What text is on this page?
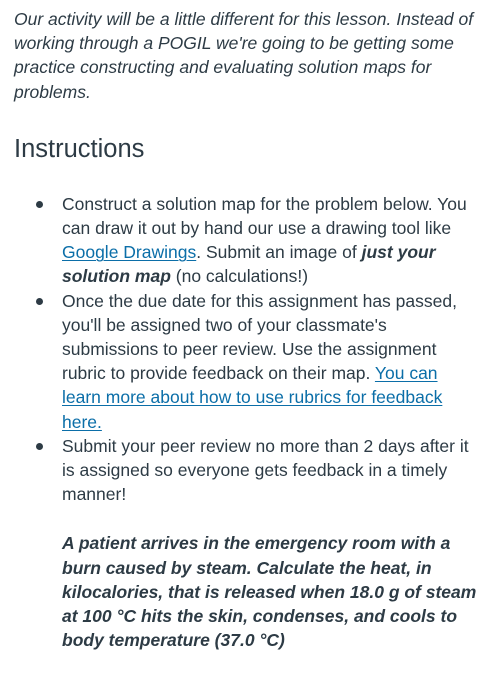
Our activity will be a little different for this lesson. Instead of working through a POGIL we're going to be getting some practice constructing and evaluating solution maps for problems.

Instructions
Construct a solution map for the problem below. You can draw it out by hand our use a drawing tool like Google Drawings. Submit an image of just your solution map (no calculations!)
Once the due date for this assignment has passed, you'll be assigned two of your classmate's submissions to peer review. Use the assignment rubric to provide feedback on their map. You can learn more about how to use rubrics for feedback here.
Submit your peer review no more than 2 days after it is assigned so everyone gets feedback in a timely manner!

A patient arrives in the emergency room with a burn caused by steam. Calculate the heat, in kilocalories, that is released when 18.0 g of steam at 100 °C hits the skin, condenses, and cools to body temperature (37.0 °C)
